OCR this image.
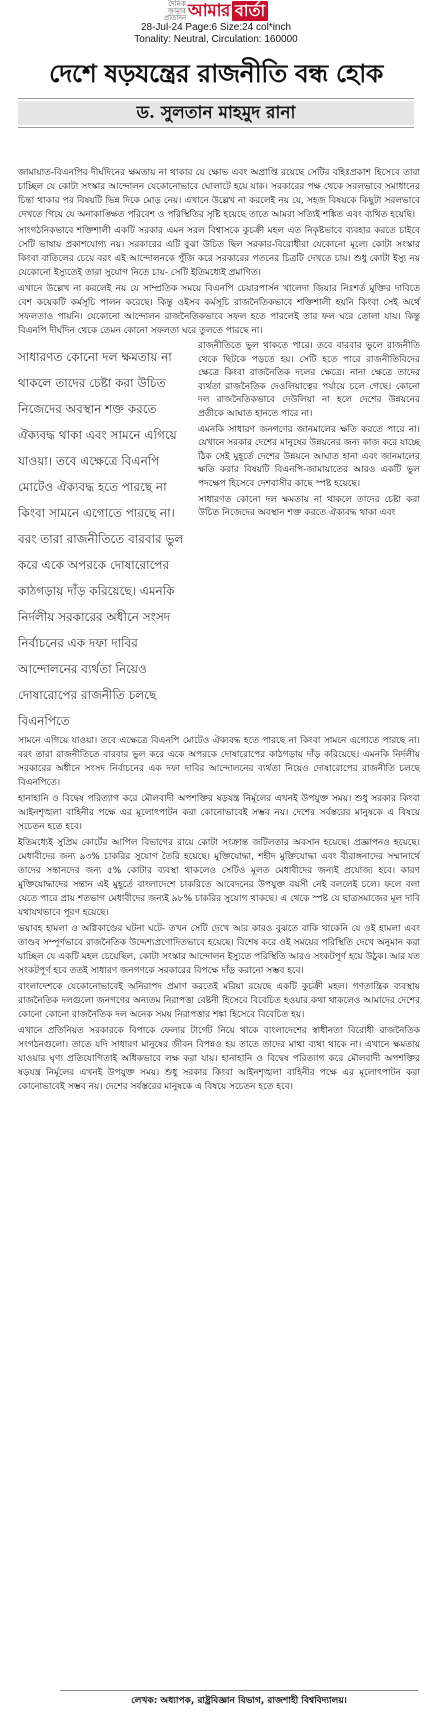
দৈনিক আমার প্রতিদিন আমার বার্তা
28-Jul-24 Page:6 Size:24 col*inch
Tonality: Neutral, Circulation: 160000
দেশে ষড়যন্ত্রের রাজনীতি বন্ধ হোক
ড. সুলতান মাহমুদ রানা

জামায়াত-বিএনপির দীর্ঘদিনের ক্ষমতায় না থাকার যে ক্ষোভ এবং অপ্রাপ্তি রয়েছে সেটির বহিঃপ্রকাশ হিসেবে তারা চাচ্ছিল যে কোটা সংস্কার আন্দোলন যেকোনোভাবে ঘোলাটে হয়ে যাক। সরকারের পক্ষ থেকে সরলভাবে সমাধানের চিন্তা থাকার পর বিষয়টি ভিন্ন দিকে মোড় নেয়। এখানে উল্লেখ না করলেই নয় যে, সহজ বিষয়কে কিছুটা সরলভাবে দেখতে গিয়ে যে অনাকাঙ্ক্ষিত পরিবেশ ও পরিস্থিতির সৃষ্টি হয়েছে তাতে আমরা সত্যিই শঙ্কিত এবং ব্যথিত হয়েছি।

সাংগঠনিকভাবে শক্তিশালী একটি সরকার এমন সরল বিশ্বাসকে কুচক্রী মহল এত নিকৃষ্টভাবে ব্যবহার করতে চাইবে সেটি ভাষায় প্রকাশযোগ্য নয়। সরকারের এটি বুঝা উচিত ছিল সরকার-বিরোধীরা যেকোনো মূল্যে কোটা সংস্কার কিংবা বাতিলের চেয়ে বরং এই আন্দোলনকে পুঁজি করে সরকারের পতনের চিত্রটি দেখতে চায়। শুধু কোটা ইস্যু নয় যেকোনো ইস্যুতেই তারা সুযোগ নিতে চায়- সেটি ইতিমধ্যেই প্রমাণিত।

এখানে উল্লেখ না করলেই নয় যে সাম্প্রতিক সময়ে বিএনপি চেয়ারপার্সন খালেদা জিয়ার নিঃশর্ত মুক্তির দাবিতে বেশ কয়েকটি কর্মসূচি পালন করেছে। কিন্তু ওইসব কর্মসূচি রাজনৈতিকভাবে শক্তিশালী হয়নি কিংবা সেই অর্থে সফলতাও পায়নি। যেকোনো আন্দোলন রাজনৈতিকভাবে সফল হতে পারলেই তার ফল ঘরে তোলা যায়। কিন্তু বিএনপি দীর্ঘদিন থেকে তেমন কোনো সফলতা ঘরে তুলতে পারছে না।

সাধারণত কোনো দল ক্ষমতায় না থাকলে তাদের চেষ্টা করা উচিত নিজেদের অবস্থান শক্ত করতে ঐক্যবদ্ধ থাকা এবং সামনে এগিয়ে যাওয়া। তবে এক্ষেত্রে বিএনপি মোটেও ঐক্যবদ্ধ হতে পারছে না কিংবা সামনে এগোতে পারছে না। বরং তারা রাজনীতিতে বারবার ভুল করে একে অপরকে দোষারোপের কাঠগড়ায় দাঁড় করিয়েছে। এমনকি নির্দলীয় সরকারের অধীনে সংসদ নির্বাচনের এক দফা দাবির আন্দোলনের ব্যর্থতা নিয়েও দোষারোপের রাজনীতি চলছে বিএনপিতে

রাজনীতিতে ভুল থাকতে পারে। তবে বারবার ভুলে রাজনীতি থেকে ছিটকে পড়তে হয়। সেটি হতে পারে রাজনীতিবিদের ক্ষেত্রে কিংবা রাজনৈতিক দলের ক্ষেত্রে। নানা ক্ষেত্রে তাদের ব্যর্থতা রাজনৈতিক দেওলিয়াত্বের পর্যায়ে চলে গেছে। কোনো দল রাজনৈতিকভাবে দেউলিয়া না হলে দেশের উন্নয়নের প্রতীকে আঘাত হানতে পারে না।

এমনকি সাধারণ জনগণের জানমালের ক্ষতি করতে পারে না। যেখানে সরকার দেশের মানুষের উন্নয়নের জন্য কাজ করে যাচ্ছে ঠিক সেই মুহূর্তে দেশের উন্নয়নে আঘাত হানা এবং জানমালের ক্ষতি করার বিষয়টি বিএনপি-জামায়াতের আরও একটি ভুল পদক্ষেপ হিসেবে দেশবাসীর কাছে স্পষ্ট হয়েছে।

সাধারণত কোনো দল ক্ষমতায় না থাকলে তাদের চেষ্টা করা উচিত নিজেদের অবস্থান শক্ত করতে ঐক্যবদ্ধ থাকা এবং

সামনে এগিয়ে যাওয়া। তবে এক্ষেত্রে বিএনপি মোটেও ঐক্যবদ্ধ হতে পারছে না কিংবা সামনে এগোতে পারছে না। বরং তারা রাজনীতিতে বারবার ভুল করে একে অপরকে দোষারোপের কাঠগড়ায় দাঁড় করিয়েছে। এমনকি নির্দলীয় সরকারের অধীনে সংসদ নির্বাচনের এক দফা দাবির আন্দোলনের ব্যর্থতা নিয়েও দোষারোপের রাজনীতি চলছে বিএনপিতে।

হানাহানি ও বিদ্বেষ পরিত্যাগ করে মৌলবাদী অপশক্তির ষড়যন্ত্র নির্মূলের এখনই উপযুক্ত সময়। শুধু সরকার কিংবা আইনশৃঙ্খলা বাহিনীর পক্ষে এর মূলোৎপাটন করা কোনোভাবেই সম্ভব নয়। দেশের সর্বস্তরের মানুষকে এ বিষয়ে সচেতন হতে হবে।

ইতিমধ্যেই সুপ্রিম কোর্টের আপিল বিভাগের রায়ে কোটা সংক্রান্ত জটিলতার অবসান হয়েছে। প্রজ্ঞাপনও হয়েছে। মেধাবীদের জন্য ৯৩% চাকরির সুযোগ তৈরি হয়েছে। মুক্তিযোদ্ধা, শহীদ মুক্তিযোদ্ধা এবং বীরাঙ্গনাদের সম্মানার্থে তাদের সন্তানদের জন্য ৫% কোটার ব্যবস্থা থাকলেও সেটিও মূলত মেধাবীদের জন্যই প্রযোজ্য হবে। কারণ মুক্তিযোদ্ধাদের সন্তান এই মুহূর্তে বাংলাদেশে চাকরিতে আবেদনের উপযুক্ত বয়সী নেই বললেই চলে। ফলে বলা যেতে পারে প্রায় শতভাগ মেধাবীদের জন্যই ৯৮% চাকরির সুযোগ থাকছে। এ থেকে স্পষ্ট যে ছাত্রসমাজের মূল দাবি যথাযথভাবে পূরণ হয়েছে।

ভয়াবহ হামলা ও অগ্নিকাণ্ডের ঘটনা ঘটে- তখন সেটি দেখে আর কারও বুঝতে বাকি থাকেনি যে ওই হামলা এবং তাণ্ডব সম্পূর্ণভাবে রাজনৈতিক উদ্দেশ্যপ্রণোদিতভাবে হয়েছে। বিশেষ করে ওই সময়ের পরিস্থিতি দেখে অনুমান করা যাচ্ছিল যে একটি মহল চেয়েছিল, কোটা সংস্কার আন্দোলন ইস্যুতে পরিস্থিতি আরও সংকটপূর্ণ হয়ে উঠুক। আর যত সংকটপূর্ণ হবে ততই সাধারণ জনগণকে সরকারের বিপক্ষে দাঁড় করানো সম্ভব হবে।

বাংলাদেশকে যেকোনোভাবেই অনিরাপদ প্রমাণ করতেই মরিয়া রয়েছে একটি কুচক্রী মহল। গণতান্ত্রিক ব্যবস্থায় রাজনৈতিক দলগুলো জনগণের অন্যতম নিরাপত্তা বেষ্টনী হিসেবে বিবেচিত হওয়ার কথা থাকলেও আমাদের দেশের কোনো কোনো রাজনৈতিক দল অনেক সময় নিরাপত্তার শঙ্কা হিসেবে বিবেচিত হয়।

এখানে প্রতিনিয়ত সরকারকে বিপাকে ফেলার টার্গেট নিয়ে থাকে বাংলাদেশের স্বাধীনতা বিরোধী রাজনৈতিক সংগঠনগুলো। তাতে যদি সাধারণ মানুষের জীবন বিপন্নও হয় তাতে তাদের মাথা ব্যথা থাকে না। এখানে ক্ষমতায় যাওয়ার ঘৃণ্য প্রতিযোগিতাই অধিকভাবে লক্ষ করা যায়। হানাহানি ও বিদ্বেষ পরিত্যাগ করে মৌলবাদী অপশক্তির ষড়যন্ত্র নির্মূলের এখনই উপযুক্ত সময়। শুধু সরকার কিংবা আইনশৃঙ্খলা বাহিনীর পক্ষে এর মূলোৎপাটন করা কোনোভাবেই সম্ভব নয়। দেশের সর্বস্তরের মানুষকে এ বিষয়ে সচেতন হতে হবে।

লেখক: অধ্যাপক, রাষ্ট্রবিজ্ঞান বিভাগ, রাজশাহী বিশ্ববিদ্যালয়।
